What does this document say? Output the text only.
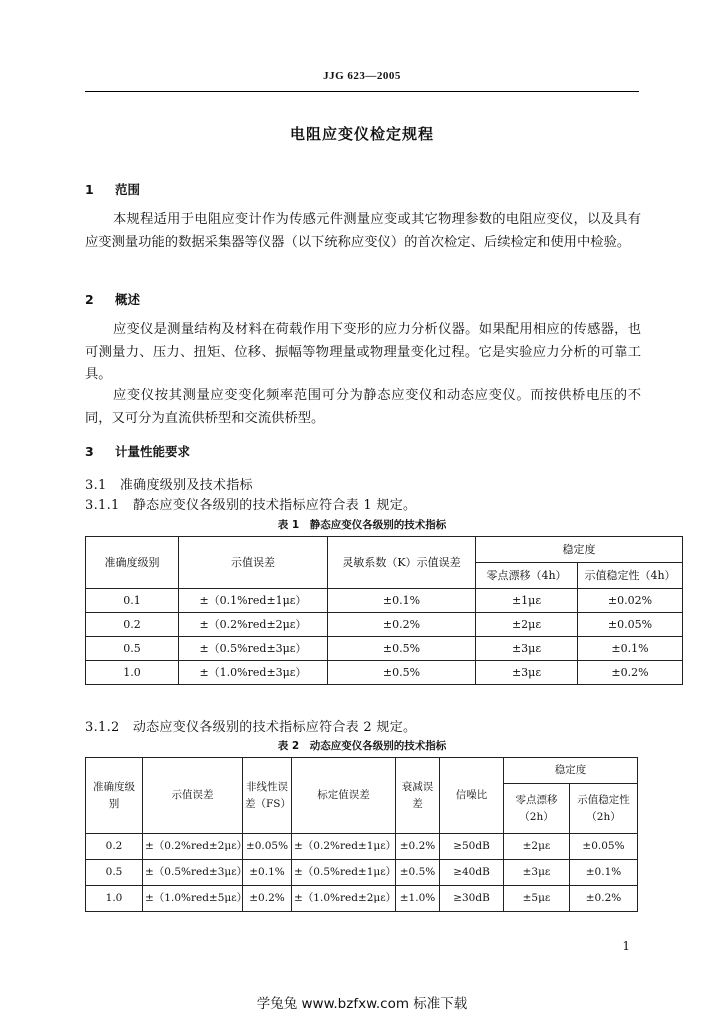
JJG 623—2005
电阻应变仪检定规程
1 范围
本规程适用于电阻应变计作为传感元件测量应变或其它物理参数的电阻应变仪，以及具有应变测量功能的数据采集器等仪器（以下统称应变仪）的首次检定、后续检定和使用中检验。
2 概述
应变仪是测量结构及材料在荷载作用下变形的应力分析仪器。如果配用相应的传感器，也可测量力、压力、扭矩、位移、振幅等物理量或物理量变化过程。它是实验应力分析的可靠工具。
应变仪按其测量应变变化频率范围可分为静态应变仪和动态应变仪。而按供桥电压的不同，又可分为直流供桥型和交流供桥型。
3 计量性能要求
3.1　准确度级别及技术指标
3.1.1　静态应变仪各级别的技术指标应符合表 1 规定。
表 1　静态应变仪各级别的技术指标
准确度级别	示值误差	灵敏系数（K）示值误差	稳定度	
			零点漂移（4h）	示值稳定性（4h）
0.1	±（0.1%red±1με）	±0.1%	±1με	±0.02%
0.2	±（0.2%red±2με）	±0.2%	±2με	±0.05%
0.5	±（0.5%red±3με）	±0.5%	±3με	±0.1%
1.0	±（1.0%red±3με）	±0.5%	±3με	±0.2%
3.1.2　动态应变仪各级别的技术指标应符合表 2 规定。
表 2　动态应变仪各级别的技术指标
准确度级别	示值误差	非线性误差（FS）	标定值误差	衰减误差	信噪比	稳定度	
						零点漂移（2h）	示值稳定性（2h）
0.2	±（0.2%red±2με）	±0.05%	±（0.2%red±1με）	±0.2%	≥50dB	±2με	±0.05%
0.5	±（0.5%red±3με）	±0.1%	±（0.5%red±1με）	±0.5%	≥40dB	±3με	±0.1%
1.0	±（1.0%red±5με）	±0.2%	±（1.0%red±2με）	±1.0%	≥30dB	±5με	±0.2%
1
学兔兔 www.bzfxw.com 标准下载
